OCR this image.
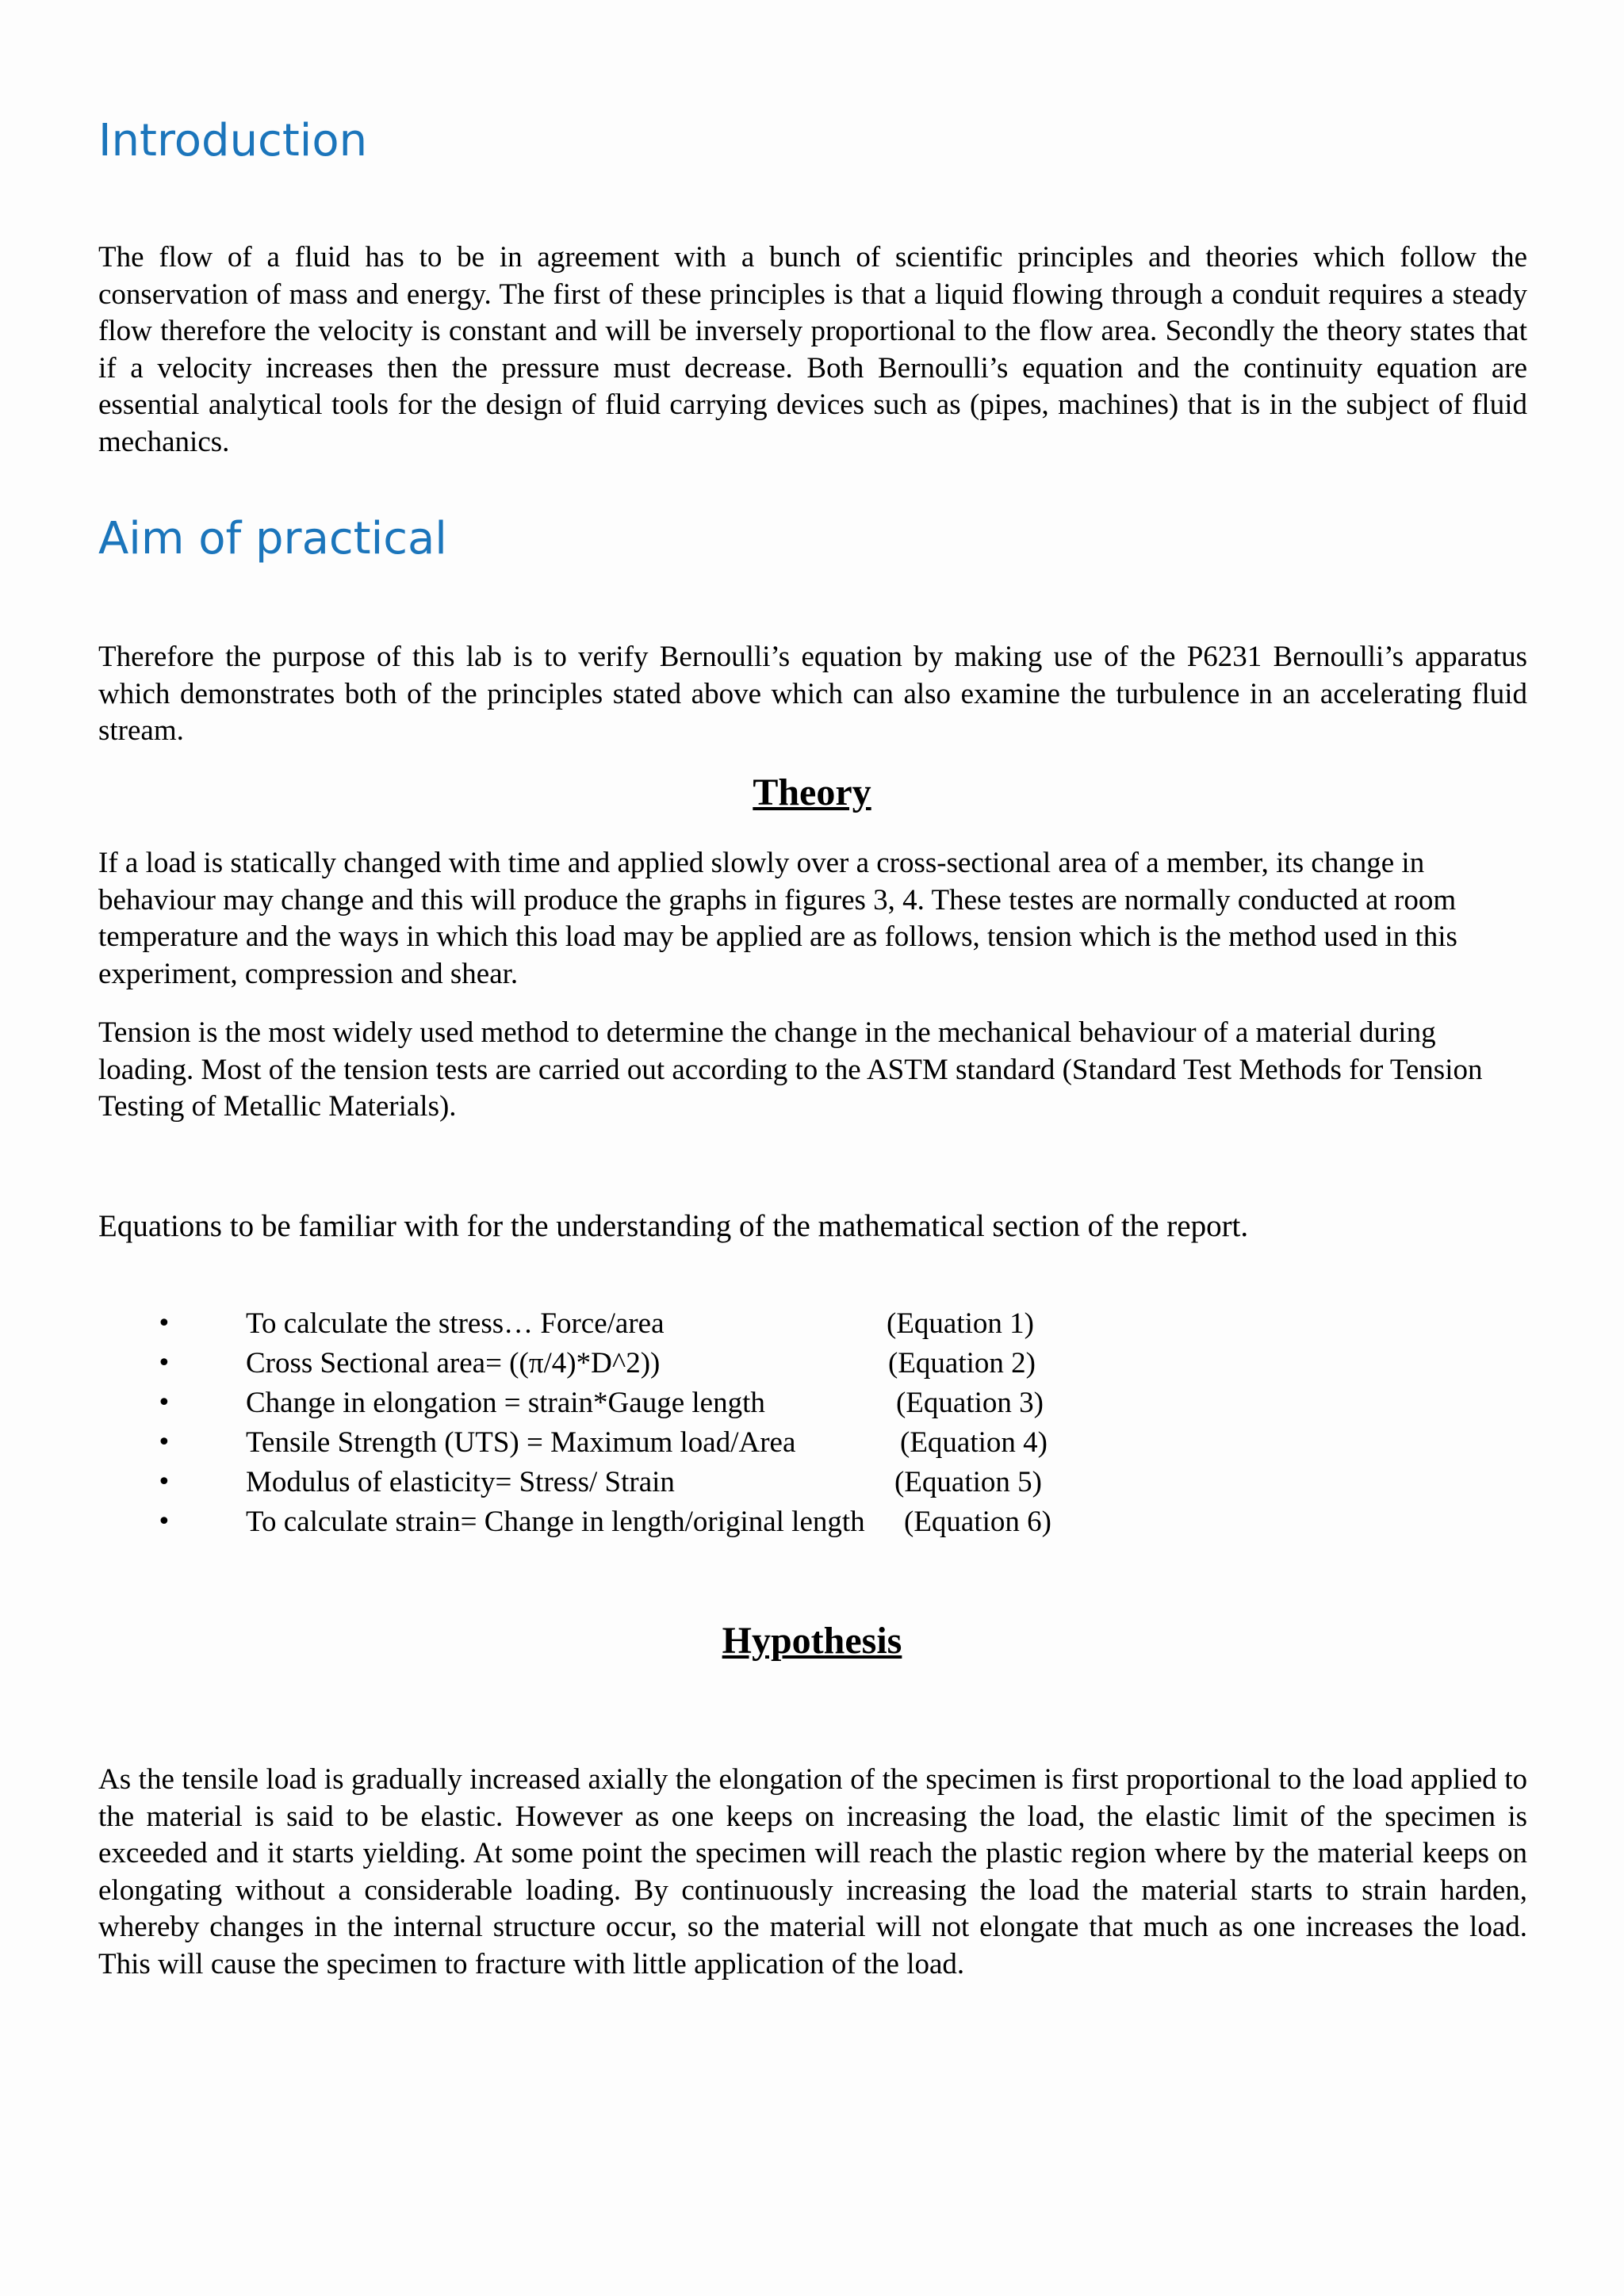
Introduction

The flow of a fluid has to be in agreement with a bunch of scientific principles and theories which follow the conservation of mass and energy. The first of these principles is that a liquid flowing through a conduit requires a steady flow therefore the velocity is constant and will be inversely proportional to the flow area. Secondly the theory states that if a velocity increases then the pressure must decrease. Both Bernoulli’s equation and the continuity equation are essential analytical tools for the design of fluid carrying devices such as (pipes, machines) that is in the subject of fluid mechanics.

Aim of practical

Therefore the purpose of this lab is to verify Bernoulli’s equation by making use of the P6231 Bernoulli’s apparatus which demonstrates both of the principles stated above which can also examine the turbulence in an accelerating fluid stream.

Theory

If a load is statically changed with time and applied slowly over a cross-sectional area of a member, its change in behaviour may change and this will produce the graphs in figures 3, 4. These testes are normally conducted at room temperature and the ways in which this load may be applied are as follows, tension which is the method used in this experiment, compression and shear.

Tension is the most widely used method to determine the change in the mechanical behaviour of a material during loading. Most of the tension tests are carried out according to the ASTM standard (Standard Test Methods for Tension Testing of Metallic Materials).

Equations to be familiar with for the understanding of the mathematical section of the report.

To calculate the stress… Force/area	(Equation 1)
Cross Sectional area= ((π/4)*D^2))	(Equation 2)
Change in elongation = strain*Gauge length	(Equation 3)
Tensile Strength (UTS) = Maximum load/Area	(Equation 4)
Modulus of elasticity= Stress/ Strain	(Equation 5)
To calculate strain= Change in length/original length (Equation 6)
Hypothesis

As the tensile load is gradually increased axially the elongation of the specimen is first proportional to the load applied to the material is said to be elastic. However as one keeps on increasing the load, the elastic limit of the specimen is exceeded and it starts yielding. At some point the specimen will reach the plastic region where by the material keeps on elongating without a considerable loading. By continuously increasing the load the material starts to strain harden, whereby changes in the internal structure occur, so the material will not elongate that much as one increases the load. This will cause the specimen to fracture with little application of the load.
